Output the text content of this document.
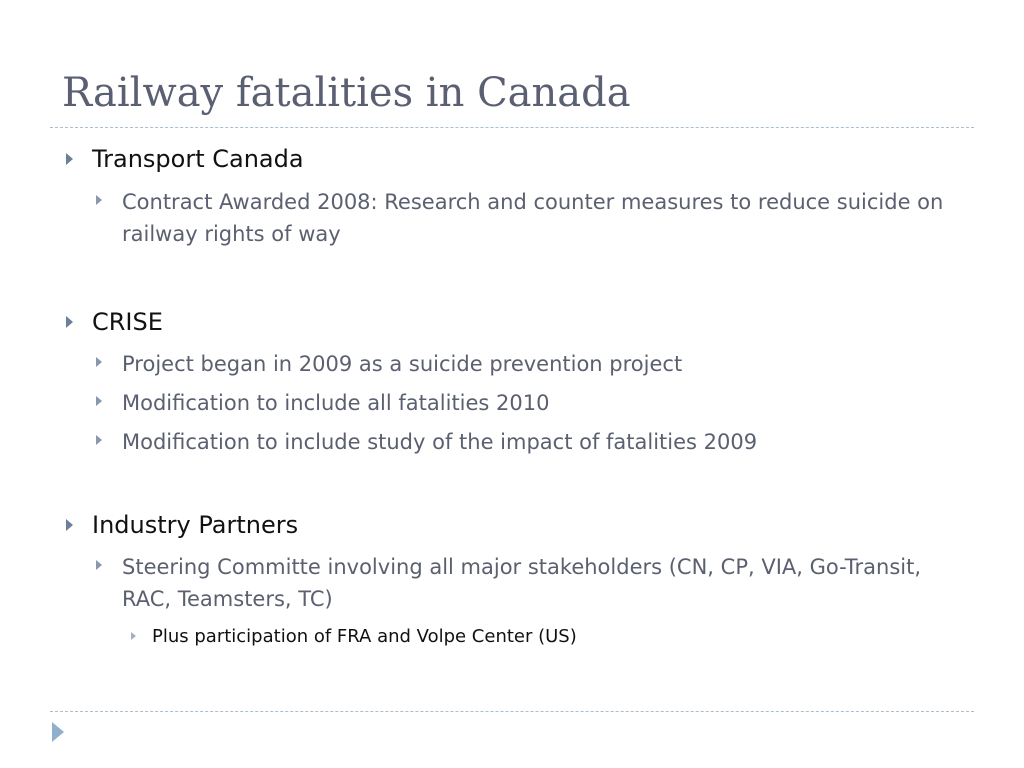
Railway fatalities in Canada
Transport Canada
Contract Awarded 2008: Research and counter measures to reduce suicide on railway rights of way
CRISE
Project began in 2009 as a suicide prevention project
Modification to include all fatalities 2010
Modification to include study of the impact of fatalities 2009
Industry Partners
Steering Committe involving all major stakeholders (CN, CP, VIA, Go-Transit, RAC, Teamsters, TC)
Plus participation of FRA and Volpe Center (US)
